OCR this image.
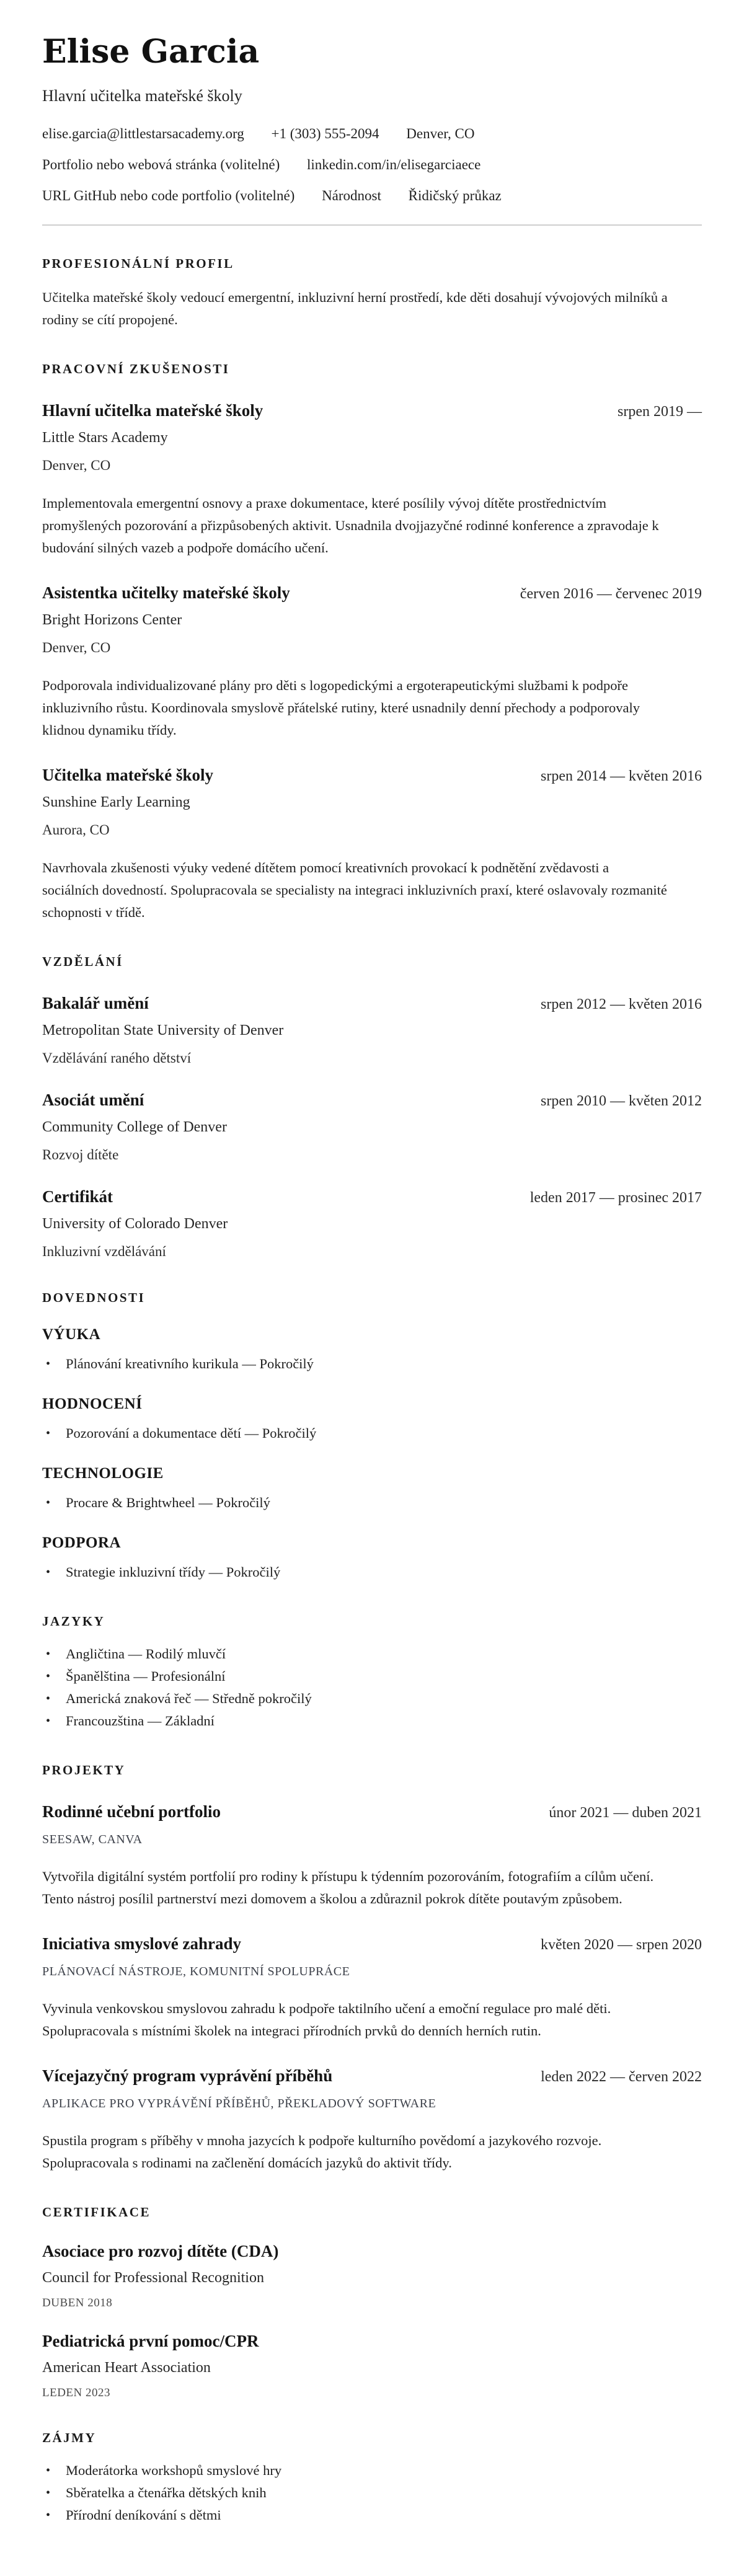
Elise Garcia
Hlavní učitelka mateřské školy
elise.garcia@littlestarsacademy.org +1 (303) 555-2094 Denver, CO
Portfolio nebo webová stránka (volitelné) linkedin.com/in/elisegarciaece
URL GitHub nebo code portfolio (volitelné) Národnost Řidičský průkaz
PROFESIONÁLNÍ PROFIL
Učitelka mateřské školy vedoucí emergentní, inkluzivní herní prostředí, kde děti dosahují vývojových milníků a rodiny se cítí propojené.
PRACOVNÍ ZKUŠENOSTI
Hlavní učitelka mateřské školy	srpen 2019 —
Little Stars Academy
Denver, CO
Implementovala emergentní osnovy a praxe dokumentace, které posílily vývoj dítěte prostřednictvím promyšlených pozorování a přizpůsobených aktivit. Usnadnila dvojjazyčné rodinné konference a zpravodaje k budování silných vazeb a podpoře domácího učení.
Asistentka učitelky mateřské školy	červen 2016 — červenec 2019
Bright Horizons Center
Denver, CO
Podporovala individualizované plány pro děti s logopedickými a ergoterapeutickými službami k podpoře inkluzivního růstu. Koordinovala smyslově přátelské rutiny, které usnadnily denní přechody a podporovaly klidnou dynamiku třídy.
Učitelka mateřské školy	srpen 2014 — květen 2016
Sunshine Early Learning
Aurora, CO
Navrhovala zkušenosti výuky vedené dítětem pomocí kreativních provokací k podnětění zvědavosti a sociálních dovedností. Spolupracovala se specialisty na integraci inkluzivních praxí, které oslavovaly rozmanité schopnosti v třídě.
VZDĚLÁNÍ
Bakalář umění	srpen 2012 — květen 2016
Metropolitan State University of Denver
Vzdělávání raného dětství
Asociát umění	srpen 2010 — květen 2012
Community College of Denver
Rozvoj dítěte
Certifikát	leden 2017 — prosinec 2017
University of Colorado Denver
Inkluzivní vzdělávání
DOVEDNOSTI
VÝUKA
• Plánování kreativního kurikula — Pokročilý
HODNOCENÍ
• Pozorování a dokumentace dětí — Pokročilý
TECHNOLOGIE
• Procare & Brightwheel — Pokročilý
PODPORA
• Strategie inkluzivní třídy — Pokročilý
JAZYKY
• Angličtina — Rodilý mluvčí
• Španělština — Profesionální
• Americká znaková řeč — Středně pokročilý
• Francouzština — Základní
PROJEKTY
Rodinné učební portfolio	únor 2021 — duben 2021
SEESAW, CANVA
Vytvořila digitální systém portfolií pro rodiny k přístupu k týdenním pozorováním, fotografiím a cílům učení. Tento nástroj posílil partnerství mezi domovem a školou a zdůraznil pokrok dítěte poutavým způsobem.
Iniciativa smyslové zahrady	květen 2020 — srpen 2020
PLÁNOVACÍ NÁSTROJE, KOMUNITNÍ SPOLUPRÁCE
Vyvinula venkovskou smyslovou zahradu k podpoře taktilního učení a emoční regulace pro malé děti. Spolupracovala s místními školek na integraci přírodních prvků do denních herních rutin.
Vícejazyčný program vyprávění příběhů	leden 2022 — červen 2022
APLIKACE PRO VYPRÁVĚNÍ PŘÍBĚHŮ, PŘEKLADOVÝ SOFTWARE
Spustila program s příběhy v mnoha jazycích k podpoře kulturního povědomí a jazykového rozvoje. Spolupracovala s rodinami na začlenění domácích jazyků do aktivit třídy.
CERTIFIKACE
Asociace pro rozvoj dítěte (CDA)
Council for Professional Recognition
DUBEN 2018
Pediatrická první pomoc/CPR
American Heart Association
LEDEN 2023
ZÁJMY
• Moderátorka workshopů smyslové hry
• Sběratelka a čtenářka dětských knih
• Přírodní deníkování s dětmi
